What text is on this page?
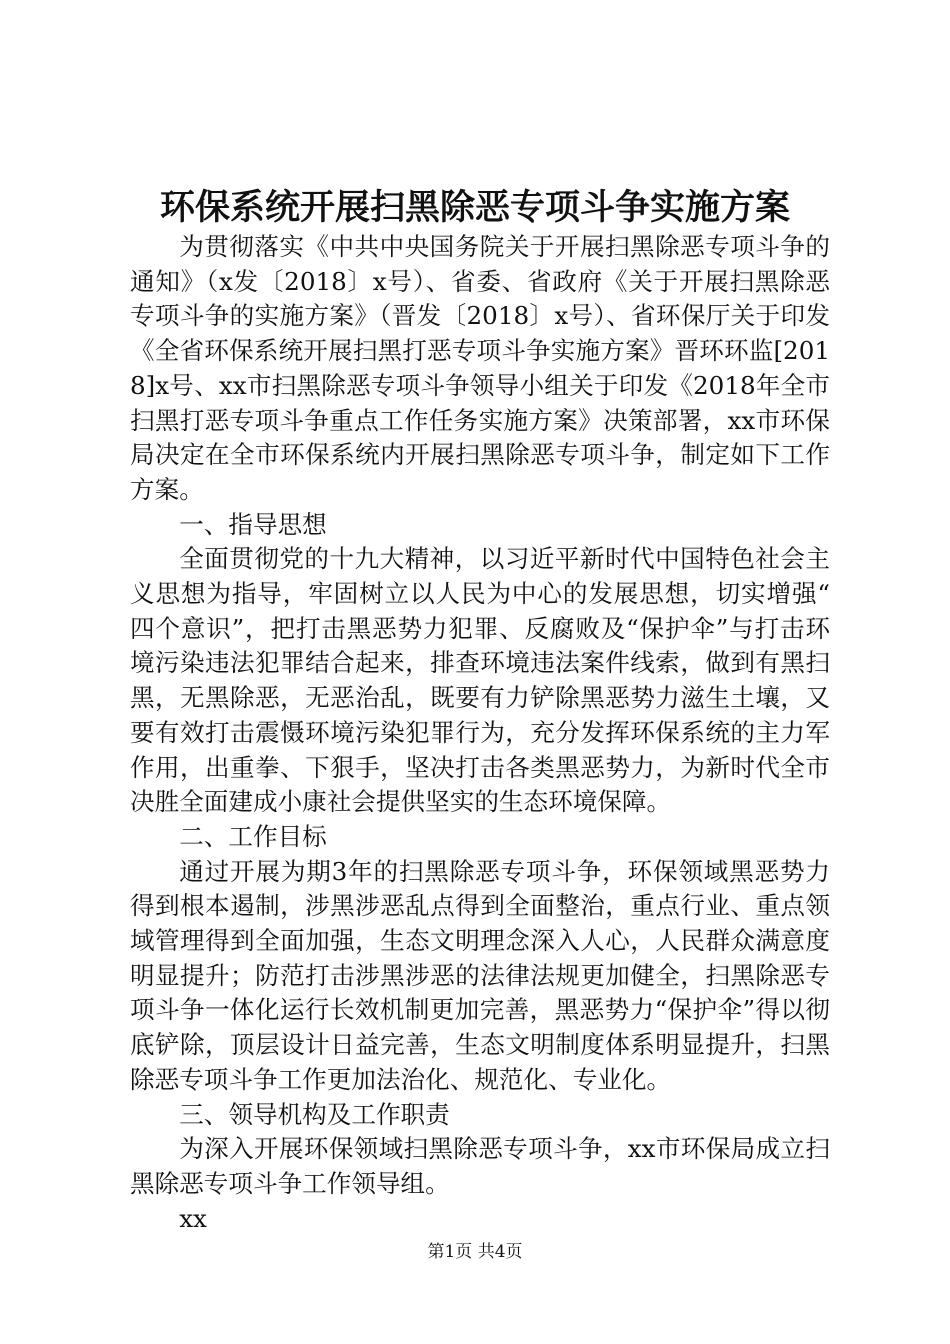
环保系统开展扫黑除恶专项斗争实施方案

为贯彻落实《中共中央国务院关于开展扫黑除恶专项斗争的通知》（x发〔2018〕x号）、省委、省政府《关于开展扫黑除恶专项斗争的实施方案》（晋发〔2018〕x号）、省环保厅关于印发《全省环保系统开展扫黑打恶专项斗争实施方案》晋环环监[2018]x号、xx市扫黑除恶专项斗争领导小组关于印发《2018年全市扫黑打恶专项斗争重点工作任务实施方案》决策部署，xx市环保局决定在全市环保系统内开展扫黑除恶专项斗争，制定如下工作方案。

一、指导思想

全面贯彻党的十九大精神，以习近平新时代中国特色社会主义思想为指导，牢固树立以人民为中心的发展思想，切实增强“四个意识”，把打击黑恶势力犯罪、反腐败及“保护伞”与打击环境污染违法犯罪结合起来，排查环境违法案件线索，做到有黑扫黑，无黑除恶，无恶治乱，既要有力铲除黑恶势力滋生土壤，又要有效打击震慑环境污染犯罪行为，充分发挥环保系统的主力军作用，出重拳、下狠手，坚决打击各类黑恶势力，为新时代全市决胜全面建成小康社会提供坚实的生态环境保障。

二、工作目标

通过开展为期3年的扫黑除恶专项斗争，环保领域黑恶势力得到根本遏制，涉黑涉恶乱点得到全面整治，重点行业、重点领域管理得到全面加强，生态文明理念深入人心，人民群众满意度明显提升；防范打击涉黑涉恶的法律法规更加健全，扫黑除恶专项斗争一体化运行长效机制更加完善，黑恶势力“保护伞”得以彻底铲除，顶层设计日益完善，生态文明制度体系明显提升，扫黑除恶专项斗争工作更加法治化、规范化、专业化。

三、领导机构及工作职责

为深入开展环保领域扫黑除恶专项斗争，xx市环保局成立扫黑除恶专项斗争工作领导组。

xx

第1页 共4页
